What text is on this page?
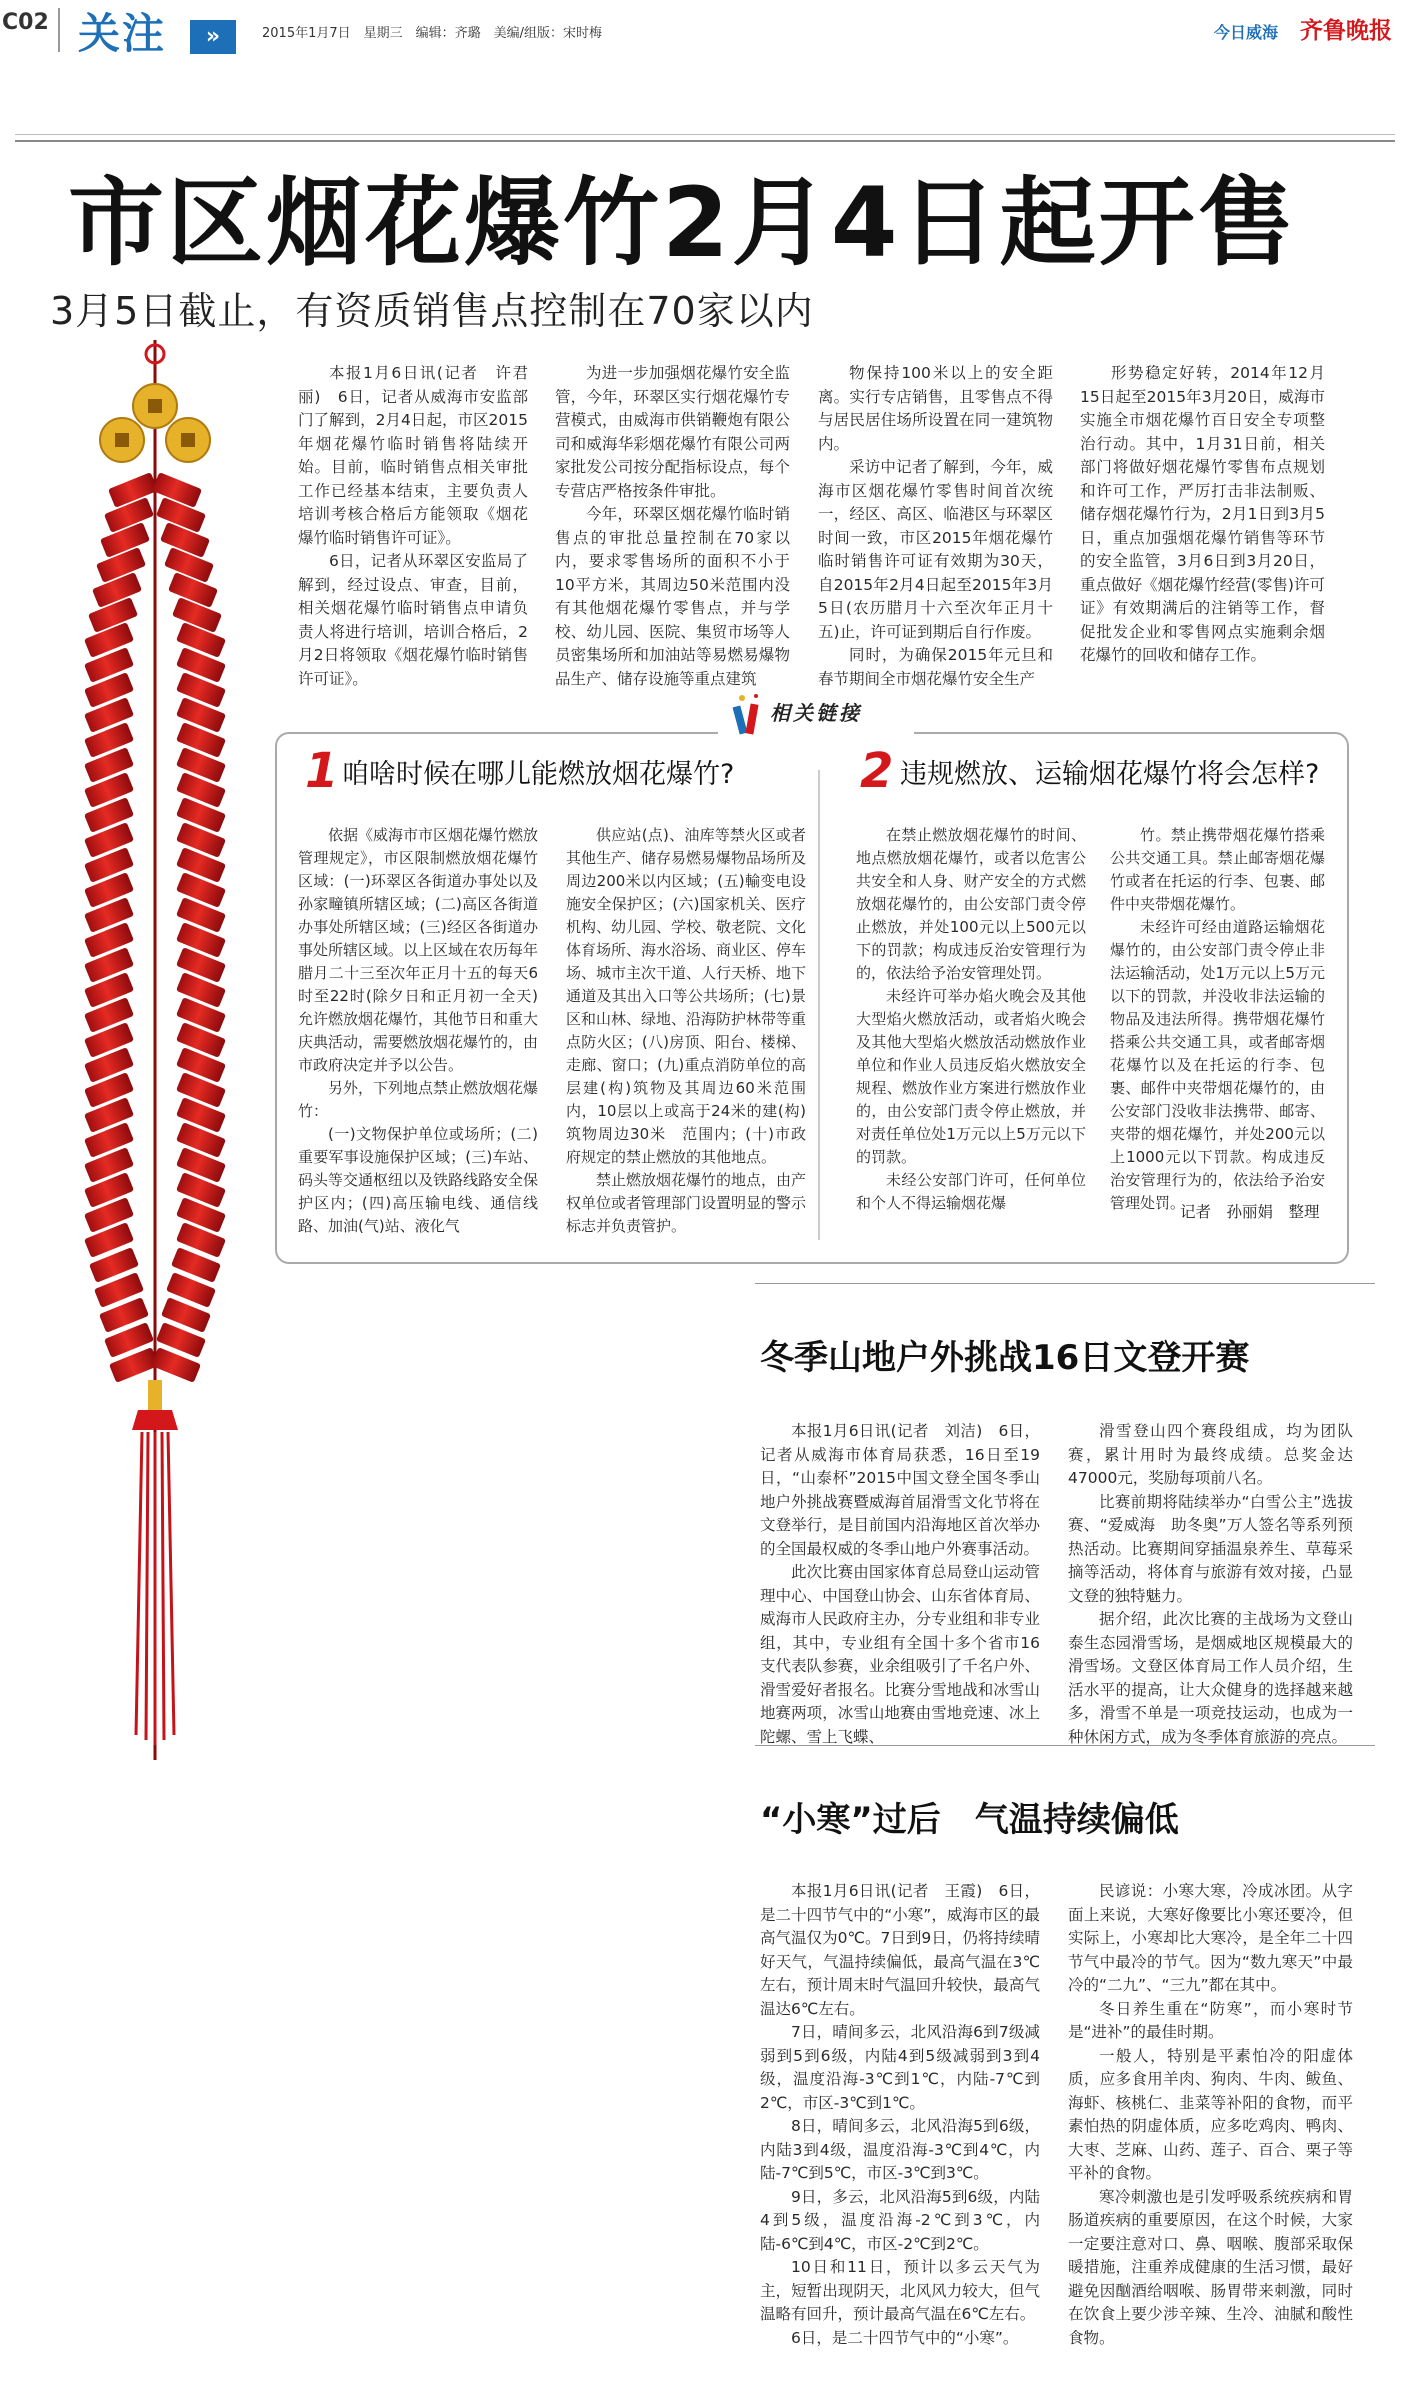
C02 关注	»	2015年1月7日　星期三　编辑：齐璐　美编/组版：宋时梅	今日威海 齐鲁晚报
市区烟花爆竹2月4日起开售
3月5日截止，有资质销售点控制在70家以内

本报1月6日讯(记者　许君丽)　6日，记者从威海市安监部门了解到，2月4日起，市区2015年烟花爆竹临时销售将陆续开始。目前，临时销售点相关审批工作已经基本结束，主要负责人培训考核合格后方能领取《烟花爆竹临时销售许可证》。

6日，记者从环翠区安监局了解到，经过设点、审查，目前，相关烟花爆竹临时销售点申请负责人将进行培训，培训合格后，2月2日将领取《烟花爆竹临时销售许可证》。

为进一步加强烟花爆竹安全监管，今年，环翠区实行烟花爆竹专营模式，由威海市供销鞭炮有限公司和威海华彩烟花爆竹有限公司两家批发公司按分配指标设点，每个专营店严格按条件审批。

今年，环翠区烟花爆竹临时销售点的审批总量控制在70家以内，要求零售场所的面积不小于10平方米，其周边50米范围内没有其他烟花爆竹零售点，并与学校、幼儿园、医院、集贸市场等人员密集场所和加油站等易燃易爆物品生产、储存设施等重点建筑

物保持100米以上的安全距离。实行专店销售，且零售点不得与居民居住场所设置在同一建筑物内。

采访中记者了解到，今年，威海市区烟花爆竹零售时间首次统一，经区、高区、临港区与环翠区时间一致，市区2015年烟花爆竹临时销售许可证有效期为30天，自2015年2月4日起至2015年3月5日(农历腊月十六至次年正月十五)止，许可证到期后自行作废。

同时，为确保2015年元旦和春节期间全市烟花爆竹安全生产

形势稳定好转，2014年12月15日起至2015年3月20日，威海市实施全市烟花爆竹百日安全专项整治行动。其中，1月31日前，相关部门将做好烟花爆竹零售布点规划和许可工作，严厉打击非法制贩、储存烟花爆竹行为，2月1日到3月5日，重点加强烟花爆竹销售等环节的安全监管，3月6日到3月20日，重点做好《烟花爆竹经营(零售)许可证》有效期满后的注销等工作，督促批发企业和零售网点实施剩余烟花爆竹的回收和储存工作。

相关链接
1 咱啥时候在哪儿能燃放烟花爆竹?	2 违规燃放、运输烟花爆竹将会怎样?

依据《威海市市区烟花爆竹燃放管理规定》，市区限制燃放烟花爆竹区域：(一)环翠区各街道办事处以及孙家疃镇所辖区域；(二)高区各街道办事处所辖区域；(三)经区各街道办事处所辖区域。以上区域在农历每年腊月二十三至次年正月十五的每天6时至22时(除夕日和正月初一全天)允许燃放烟花爆竹，其他节日和重大庆典活动，需要燃放烟花爆竹的，由市政府决定并予以公告。

另外，下列地点禁止燃放烟花爆竹：

(一)文物保护单位或场所；(二)重要军事设施保护区域；(三)车站、码头等交通枢纽以及铁路线路安全保护区内；(四)高压输电线、通信线路、加油(气)站、液化气

供应站(点)、油库等禁火区或者其他生产、储存易燃易爆物品场所及周边200米以内区域；(五)輸变电设施安全保护区；(六)国家机关、医疗机构、幼儿园、学校、敬老院、文化体育场所、海水浴场、商业区、停车场、城市主次干道、人行天桥、地下通道及其出入口等公共场所；(七)景区和山林、绿地、沿海防护林带等重点防火区；(八)房顶、阳台、楼梯、走廊、窗口；(九)重点消防单位的高层建(构)筑物及其周边60米范围内，10层以上或高于24米的建(构)筑物周边30米　范围内；(十)市政府规定的禁止燃放的其他地点。

禁止燃放烟花爆竹的地点，由产权单位或者管理部门设置明显的警示标志并负责管护。

在禁止燃放烟花爆竹的时间、地点燃放烟花爆竹，或者以危害公共安全和人身、财产安全的方式燃放烟花爆竹的，由公安部门责令停止燃放，并处100元以上500元以下的罚款；构成违反治安管理行为的，依法给予治安管理处罚。

未经许可举办焰火晚会及其他大型焰火燃放活动，或者焰火晚会及其他大型焰火燃放活动燃放作业单位和作业人员违反焰火燃放安全规程、燃放作业方案进行燃放作业的，由公安部门责令停止燃放，并对责任单位处1万元以上5万元以下的罚款。

未经公安部门许可，任何单位和个人不得运输烟花爆

竹。禁止携带烟花爆竹搭乘公共交通工具。禁止邮寄烟花爆竹或者在托运的行李、包裹、邮件中夹带烟花爆竹。

未经许可经由道路运输烟花爆竹的，由公安部门责令停止非法运输活动，处1万元以上5万元以下的罚款，并没收非法运输的物品及违法所得。携带烟花爆竹搭乘公共交通工具，或者邮寄烟花爆竹以及在托运的行李、包裹、邮件中夹带烟花爆竹的，由公安部门没收非法携带、邮寄、夹带的烟花爆竹，并处200元以上1000元以下罚款。构成违反治安管理行为的，依法给予治安管理处罚。

记者　孙丽娟　整理
冬季山地户外挑战16日文登开赛

本报1月6日讯(记者　刘洁)　6日，记者从威海市体育局获悉，16日至19日，“山泰杯”2015中国文登全国冬季山地户外挑战赛暨威海首届滑雪文化节将在文登举行，是目前国内沿海地区首次举办的全国最权威的冬季山地户外赛事活动。

此次比赛由国家体育总局登山运动管理中心、中国登山协会、山东省体育局、威海市人民政府主办，分专业组和非专业组，其中，专业组有全国十多个省市16支代表队参赛，业余组吸引了千名户外、滑雪爱好者报名。比赛分雪地战和冰雪山地赛两项，冰雪山地赛由雪地竞速、冰上陀螺、雪上飞蝶、

滑雪登山四个赛段组成，均为团队赛，累计用时为最终成绩。总奖金达47000元，奖励每项前八名。

比赛前期将陆续举办“白雪公主”选拔赛、“爱威海　助冬奥”万人签名等系列预热活动。比赛期间穿插温泉养生、草莓采摘等活动，将体育与旅游有效对接，凸显文登的独特魅力。

据介绍，此次比赛的主战场为文登山泰生态园滑雪场，是烟威地区规模最大的滑雪场。文登区体育局工作人员介绍，生活水平的提高，让大众健身的选择越来越多，滑雪不单是一项竞技运动，也成为一种休闲方式，成为冬季体育旅游的亮点。

“小寒”过后　气温持续偏低

本报1月6日讯(记者　王霞)　6日，是二十四节气中的“小寒”，威海市区的最高气温仅为0℃。7日到9日，仍将持续晴好天气，气温持续偏低，最高气温在3℃左右，预计周末时气温回升较快，最高气温达6℃左右。

7日，晴间多云，北风沿海6到7级减弱到5到6级，内陆4到5级减弱到3到4级，温度沿海-3℃到1℃，内陆-7℃到2℃，市区-3℃到1℃。

8日，晴间多云，北风沿海5到6级，内陆3到4级，温度沿海-3℃到4℃，内陆-7℃到5℃，市区-3℃到3℃。

9日，多云，北风沿海5到6级，内陆4到5级，温度沿海-2℃到3℃，内陆-6℃到4℃，市区-2℃到2℃。

10日和11日，预计以多云天气为主，短暂出现阴天，北风风力较大，但气温略有回升，预计最高气温在6℃左右。

6日，是二十四节气中的“小寒”。

民谚说：小寒大寒，冷成冰团。从字面上来说，大寒好像要比小寒还要冷，但实际上，小寒却比大寒冷，是全年二十四节气中最冷的节气。因为“数九寒天”中最冷的“二九”、“三九”都在其中。

冬日养生重在“防寒”，而小寒时节是“进补”的最佳时期。

一般人，特别是平素怕冷的阳虚体质，应多食用羊肉、狗肉、牛肉、鲅鱼、海虾、核桃仁、韭菜等补阳的食物，而平素怕热的阴虚体质，应多吃鸡肉、鸭肉、大枣、芝麻、山药、莲子、百合、栗子等平补的食物。

寒冷刺激也是引发呼吸系统疾病和胃肠道疾病的重要原因，在这个时候，大家一定要注意对口、鼻、咽喉、腹部采取保暖措施，注重养成健康的生活习惯，最好避免因酗酒给咽喉、肠胃带来刺激，同时在饮食上要少涉辛辣、生冷、油腻和酸性食物。
